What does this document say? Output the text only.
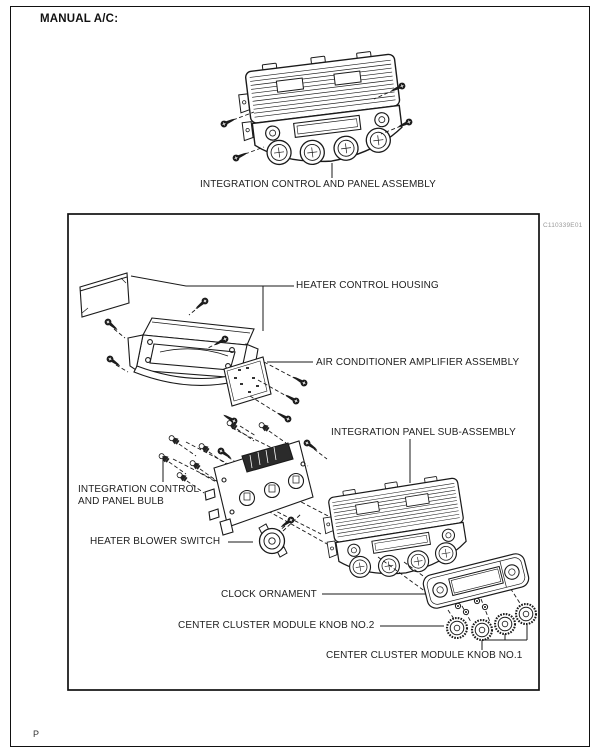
MANUAL A/C:
INTEGRATION CONTROL AND PANEL ASSEMBLY
C110339E01
HEATER CONTROL HOUSING
AIR CONDITIONER AMPLIFIER ASSEMBLY
INTEGRATION PANEL SUB-ASSEMBLY
INTEGRATION CONTROL
AND PANEL BULB
HEATER BLOWER SWITCH
CLOCK ORNAMENT
CENTER CLUSTER MODULE KNOB NO.2
CENTER CLUSTER MODULE KNOB NO.1
P
